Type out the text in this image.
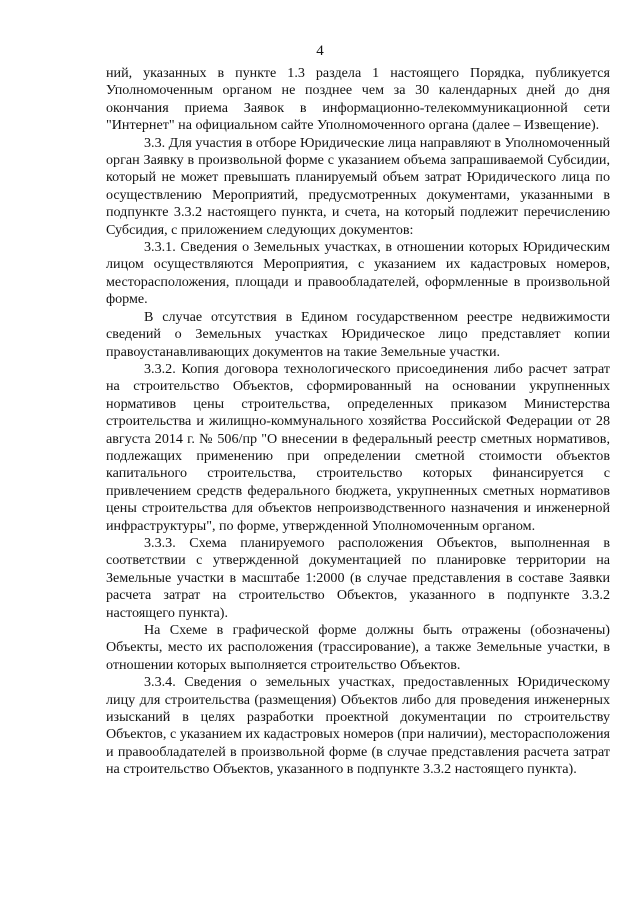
4

ний, указанных в пункте 1.3 раздела 1 настоящего Порядка, публикуется Уполномоченным органом не позднее чем за 30 календарных дней до дня окончания приема Заявок в информационно-телекоммуникационной сети "Интернет" на официальном сайте Уполномоченного органа (далее – Извещение).

3.3. Для участия в отборе Юридические лица направляют в Уполномоченный орган Заявку в произвольной форме с указанием объема запрашиваемой Субсидии, который не может превышать планируемый объем затрат Юридического лица по осуществлению Мероприятий, предусмотренных документами, указанными в подпункте 3.3.2 настоящего пункта, и счета, на который подлежит перечислению Субсидия, с приложением следующих документов:

3.3.1. Сведения о Земельных участках, в отношении которых Юридическим лицом осуществляются Мероприятия, с указанием их кадастровых номеров, месторасположения, площади и правообладателей, оформленные в произвольной форме.

В случае отсутствия в Едином государственном реестре недвижимости сведений о Земельных участках Юридическое лицо представляет копии правоустанавливающих документов на такие Земельные участки.

3.3.2. Копия договора технологического присоединения либо расчет затрат на строительство Объектов, сформированный на основании укрупненных нормативов цены строительства, определенных приказом Министерства строительства и жилищно-коммунального хозяйства Российской Федерации от 28 августа 2014 г. № 506/пр "О внесении в федеральный реестр сметных нормативов, подлежащих применению при определении сметной стоимости объектов капитального строительства, строительство которых финансируется с привлечением средств федерального бюджета, укрупненных сметных нормативов цены строительства для объектов непроизводственного назначения и инженерной инфраструктуры", по форме, утвержденной Уполномоченным органом.

3.3.3. Схема планируемого расположения Объектов, выполненная в соответствии с утвержденной документацией по планировке территории на Земельные участки в масштабе 1:2000 (в случае представления в составе Заявки расчета затрат на строительство Объектов, указанного в подпункте 3.3.2 настоящего пункта).

На Схеме в графической форме должны быть отражены (обозначены) Объекты, место их расположения (трассирование), а также Земельные участки, в отношении которых выполняется строительство Объектов.

3.3.4. Сведения о земельных участках, предоставленных Юридическому лицу для строительства (размещения) Объектов либо для проведения инженерных изысканий в целях разработки проектной документации по строительству Объектов, с указанием их кадастровых номеров (при наличии), месторасположения и правообладателей в произвольной форме (в случае представления расчета затрат на строительство Объектов, указанного в подпункте 3.3.2 настоящего пункта).
